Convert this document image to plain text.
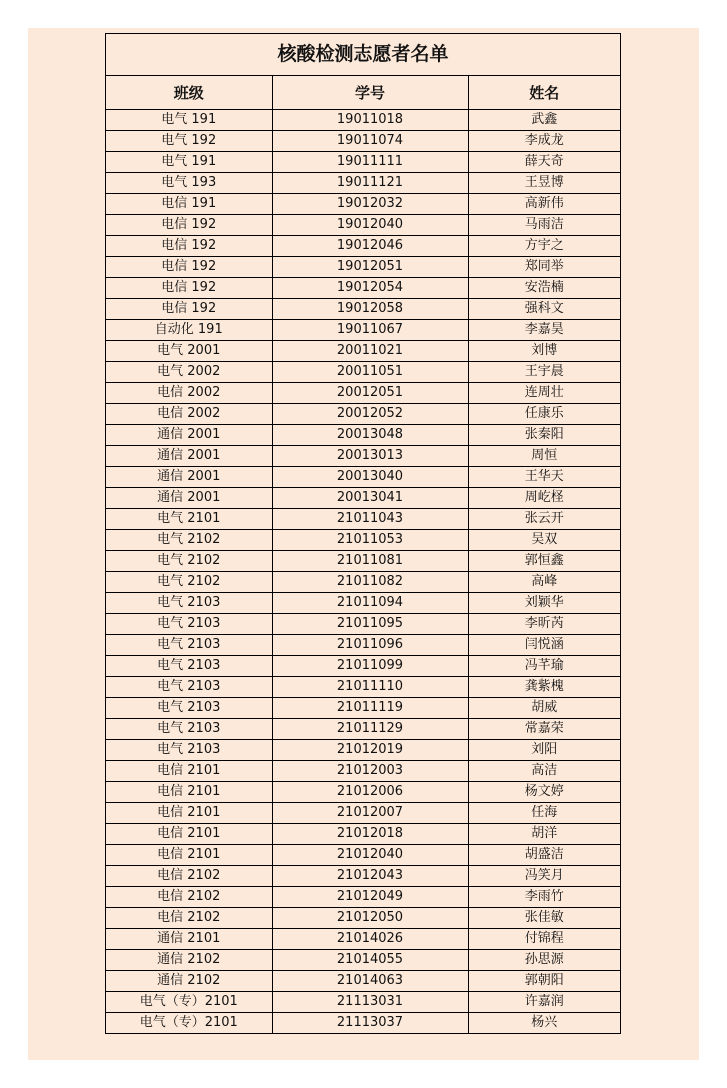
核酸检测志愿者名单
班级	学号	姓名
电气 191	19011018	武鑫
电气 192	19011074	李成龙
电气 191	19011111	薛天奇
电气 193	19011121	王昱博
电信 191	19012032	高新伟
电信 192	19012040	马雨洁
电信 192	19012046	方宇之
电信 192	19012051	郑同举
电信 192	19012054	安浩楠
电信 192	19012058	强科文
自动化 191	19011067	李嘉昊
电气 2001	20011021	刘博
电气 2002	20011051	王宇晨
电信 2002	20012051	连周壮
电信 2002	20012052	任康乐
通信 2001	20013048	张秦阳
通信 2001	20013013	周恒
通信 2001	20013040	王华天
通信 2001	20013041	周屹柽
电气 2101	21011043	张云开
电气 2102	21011053	吴双
电气 2102	21011081	郭恒鑫
电气 2102	21011082	高峰
电气 2103	21011094	刘颖华
电气 2103	21011095	李昕芮
电气 2103	21011096	闫悦涵
电气 2103	21011099	冯芊瑜
电气 2103	21011110	龚紫槐
电气 2103	21011119	胡威
电气 2103	21011129	常嘉荣
电气 2103	21012019	刘阳
电信 2101	21012003	高洁
电信 2101	21012006	杨文婷
电信 2101	21012007	任海
电信 2101	21012018	胡洋
电信 2101	21012040	胡盛洁
电信 2102	21012043	冯笑月
电信 2102	21012049	李雨竹
电信 2102	21012050	张佳敏
通信 2101	21014026	付锦程
通信 2102	21014055	孙思源
通信 2102	21014063	郭朝阳
电气（专）2101	21113031	许嘉润
电气（专）2101	21113037	杨兴
